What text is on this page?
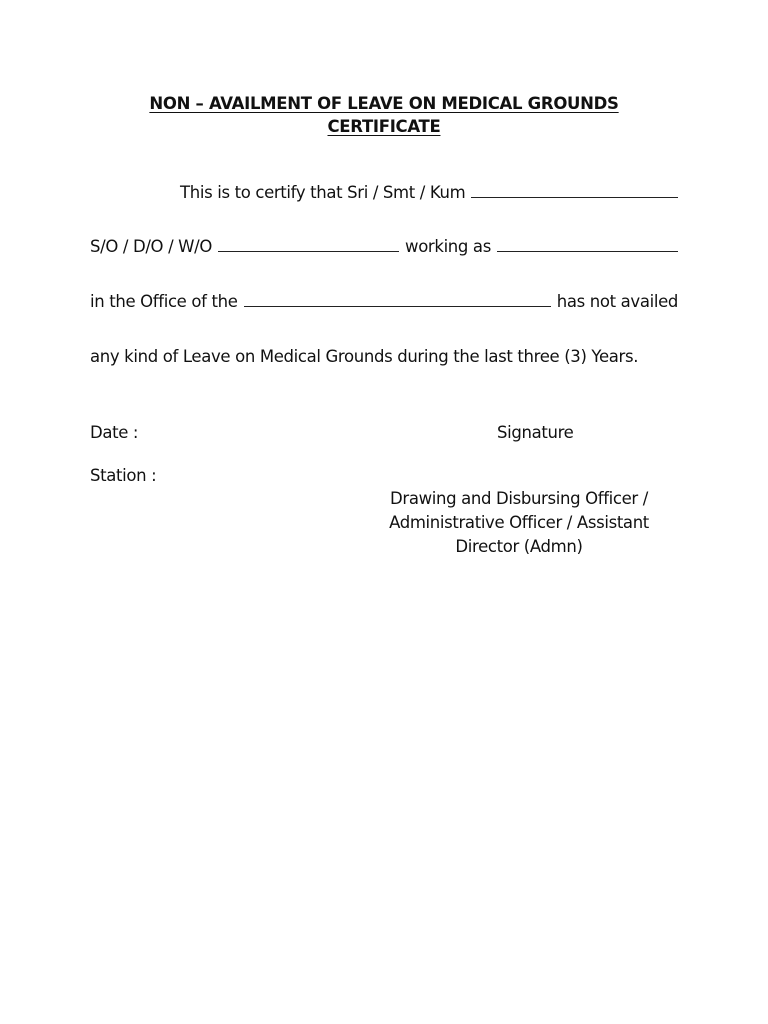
NON – AVAILMENT OF LEAVE ON MEDICAL GROUNDS
CERTIFICATE
This is to certify that Sri / Smt / Kum
S/O / D/O / W/O	working as
in the Office of the	has not availed
any kind of Leave on Medical Grounds during the last three (3) Years.
Date :
Station :
Signature
Drawing and Disbursing Officer /
Administrative Officer / Assistant
Director (Admn)
